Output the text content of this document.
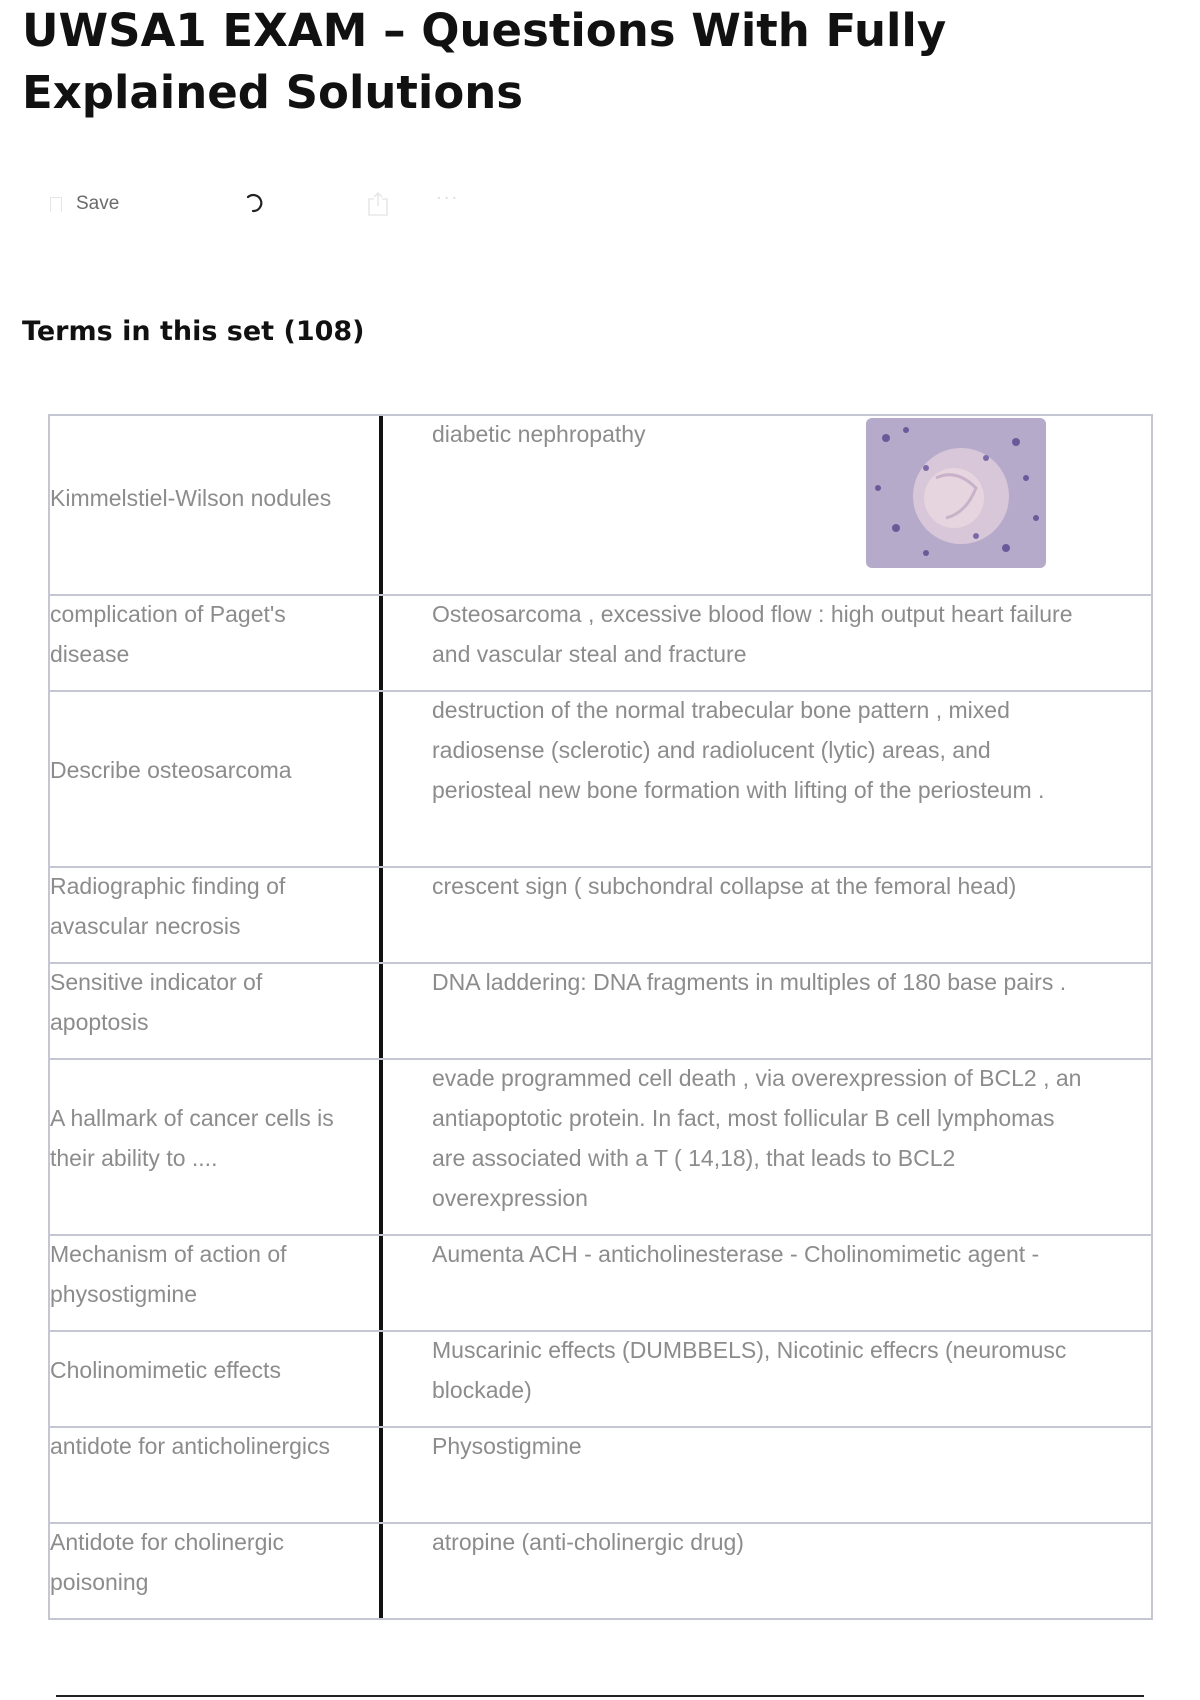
UWSA1 EXAM – Questions With Fully Explained Solutions
Save	···
Terms in this set (108)
Kimmelstiel-Wilson nodules
diabetic nephropathy
complication of Paget's disease
Osteosarcoma , excessive blood flow : high output heart failure and vascular steal and fracture
Describe osteosarcoma
destruction of the normal trabecular bone pattern , mixed radiosense (sclerotic) and radiolucent (lytic) areas, and periosteal new bone formation with lifting of the periosteum .
Radiographic finding of avascular necrosis
crescent sign ( subchondral collapse at the femoral head)
Sensitive indicator of apoptosis
DNA laddering: DNA fragments in multiples of 180 base pairs .
A hallmark of cancer cells is their ability to ....
evade programmed cell death , via overexpression of BCL2 , an antiapoptotic protein. In fact, most follicular B cell lymphomas are associated with a T ( 14,18), that leads to BCL2 overexpression
Mechanism of action of physostigmine
Aumenta ACH - anticholinesterase - Cholinomimetic agent -
Cholinomimetic effects
Muscarinic effects (DUMBBELS), Nicotinic effecrs (neuromusc blockade)
antidote for anticholinergics	Physostigmine
Antidote for cholinergic poisoning
atropine (anti-cholinergic drug)
